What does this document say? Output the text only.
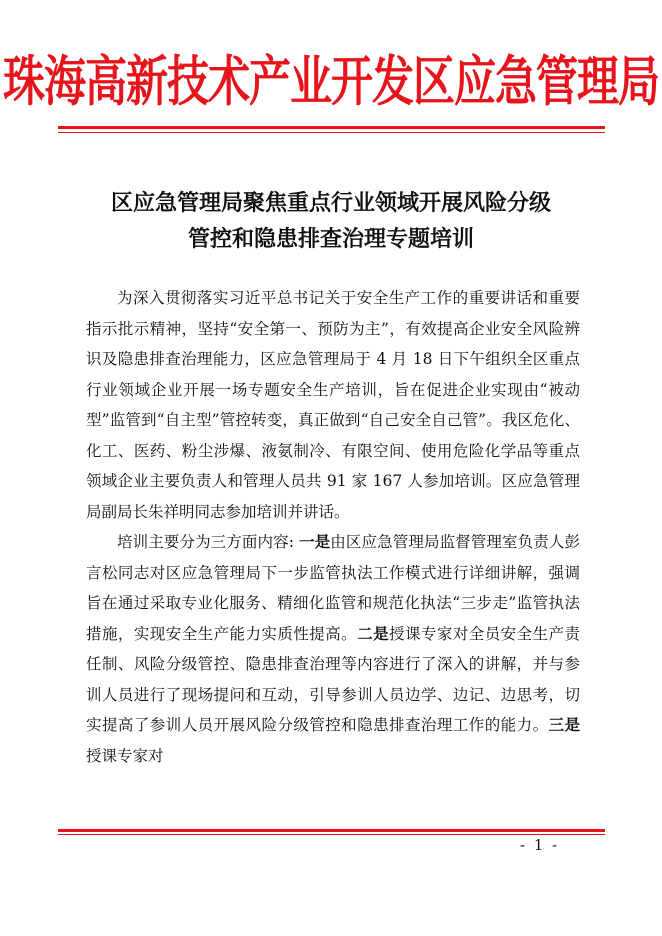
珠海高新技术产业开发区应急管理局
区应急管理局聚焦重点行业领域开展风险分级
管控和隐患排查治理专题培训

为深入贯彻落实习近平总书记关于安全生产工作的重要讲话和重要指示批示精神，坚持“安全第一、预防为主”，有效提高企业安全风险辨识及隐患排查治理能力，区应急管理局于 4 月 18 日下午组织全区重点行业领域企业开展一场专题安全生产培训，旨在促进企业实现由“被动型”监管到“自主型”管控转变，真正做到“自己安全自己管”。我区危化、化工、医药、粉尘涉爆、液氨制冷、有限空间、使用危险化学品等重点领域企业主要负责人和管理人员共 91 家 167 人参加培训。区应急管理局副局长朱祥明同志参加培训并讲话。

培训主要分为三方面内容: 一是由区应急管理局监督管理室负责人彭言松同志对区应急管理局下一步监管执法工作模式进行详细讲解，强调旨在通过采取专业化服务、精细化监管和规范化执法“三步走”监管执法措施，实现安全生产能力实质性提高。二是授课专家对全员安全生产责任制、风险分级管控、隐患排查治理等内容进行了深入的讲解，并与参训人员进行了现场提问和互动，引导参训人员边学、边记、边思考，切实提高了参训人员开展风险分级管控和隐患排查治理工作的能力。三是授课专家对

- 1 -
